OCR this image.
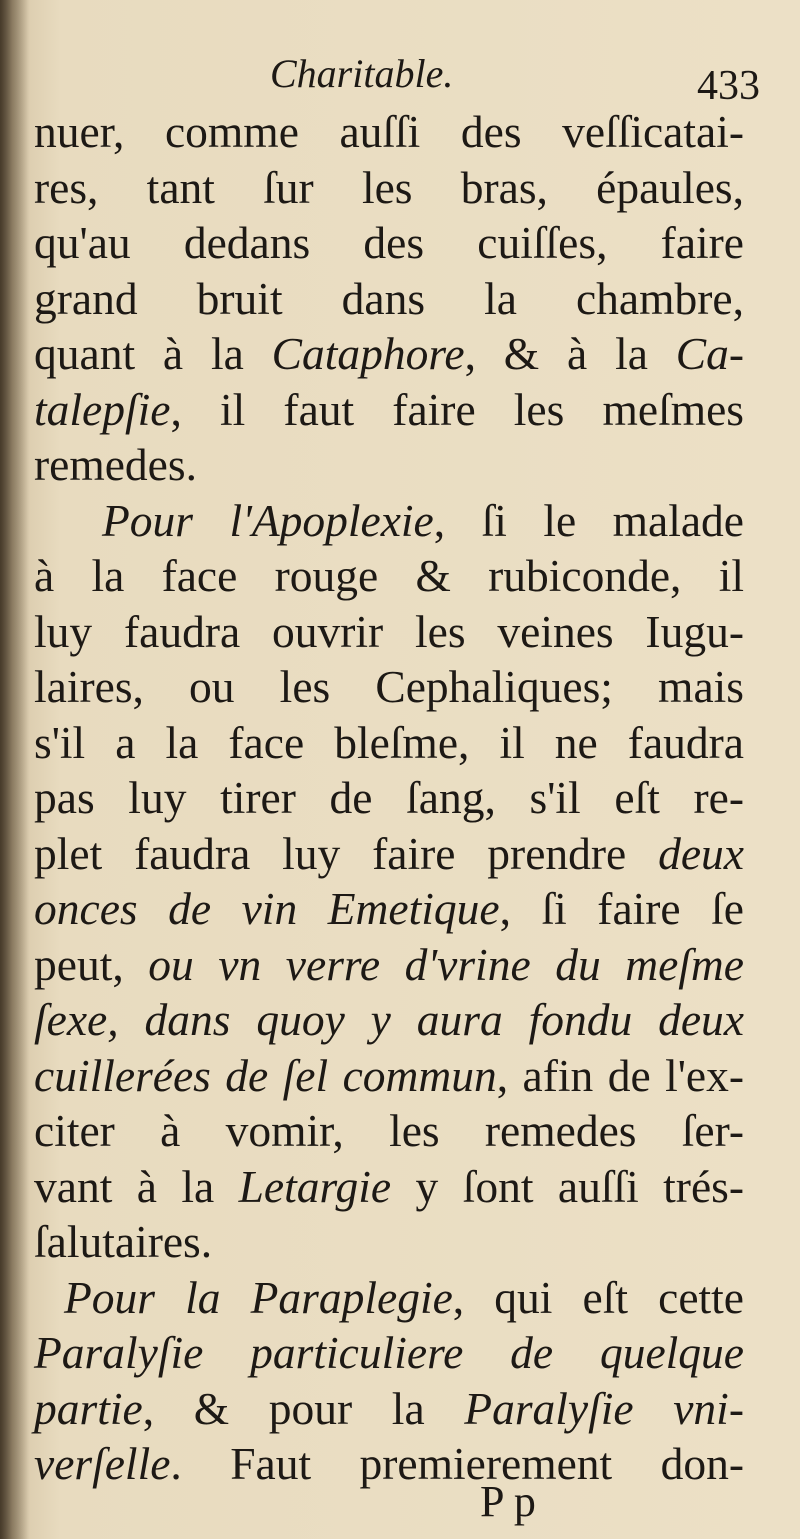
Charitable.	433
nuer, comme auſſi des veſſicatai-
res, tant ſur les bras, épaules,
qu'au dedans des cuiſſes, faire
grand bruit dans la chambre,
quant à la Cataphore, & à la Ca-
talepſie, il faut faire les meſmes
remedes.
Pour l'Apoplexie, ſi le malade
à la face rouge & rubiconde, il
luy faudra ouvrir les veines Iugu-
laires, ou les Cephaliques; mais
s'il a la face bleſme, il ne faudra
pas luy tirer de ſang, s'il eſt re-
plet faudra luy faire prendre deux
onces de vin Emetique, ſi faire ſe
peut, ou vn verre d'vrine du meſme
ſexe, dans quoy y aura fondu deux
cuillerées de ſel commun, afin de l'ex-
citer à vomir, les remedes ſer-
vant à la Letargie y ſont auſſi trés-
ſalutaires.
Pour la Paraplegie, qui eſt cette
Paralyſie particuliere de quelque
partie, & pour la Paralyſie vni-
verſelle. Faut premierement don-
P p
